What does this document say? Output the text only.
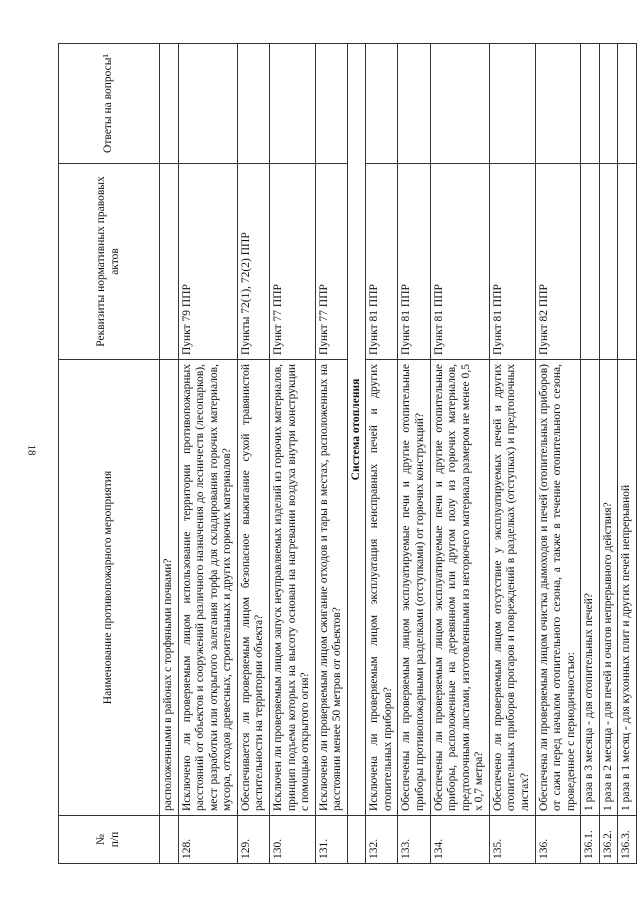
18
№
п/п	Наименование противопожарного мероприятия	Реквизиты нормативных правовых актов	Ответы на вопросы¹
	расположенными в районах с торфяными почвами?		
128.	Исключено ли проверяемым лицом использование территории противопожарных расстояний от объектов и сооружений различного назначения до лесничеств (лесопарков), мест разработки или открытого залегания торфа для складирования горючих материалов, мусора, отходов древесных, строительных и других горючих материалов?	Пункт 79 ППР	
129.	Обеспечивается ли проверяемым лицом безопасное выжигание сухой травянистой растительности на территории объекта?	Пункты 72(1), 72(2) ППР	
130.	Исключен ли проверяемым лицом запуск неуправляемых изделий из горючих материалов, принцип подъема которых на высоту основан на нагревании воздуха внутри конструкции с помощью открытого огня?	Пункт 77 ППР	
131.	Исключено ли проверяемым лицом сжигание отходов и тары в местах, расположенных на расстоянии менее 50 метров от объектов?	Пункт 77 ППР	
	Система отопления		
132.	Исключена ли проверяемым лицом эксплуатация неисправных печей и других отопительных приборов?	Пункт 81 ППР	
133.	Обеспечены ли проверяемым лицом эксплуатируемые печи и другие отопительные приборы противопожарными разделками (отступками) от горючих конструкций?	Пункт 81 ППР	
134.	Обеспечены ли проверяемым лицом эксплуатируемые печи и другие отопительные приборы, расположенные на деревянном или другом полу из горючих материалов, предтопочными листами, изготовленными из негорючего материала размером не менее 0,5 х 0,7 метра?	Пункт 81 ППР	
135.	Обеспечено ли проверяемым лицом отсутствие у эксплуатируемых печей и других отопительных приборов прогаров и повреждений в разделках (отступках) и предтопочных листах?	Пункт 81 ППР	
136.	Обеспечена ли проверяемым лицом очистка дымоходов и печей (отопительных приборов) от сажи перед началом отопительного сезона, а также в течение отопительного сезона, проведенное с периодичностью:	Пункт 82 ППР	
136.1.	1 раза в 3 месяца - для отопительных печей?		
136.2.	1 раза в 2 месяца - для печей и очагов непрерывного действия?		
136.3.	1 раза в 1 месяц - для кухонных плит и других печей непрерывной		
